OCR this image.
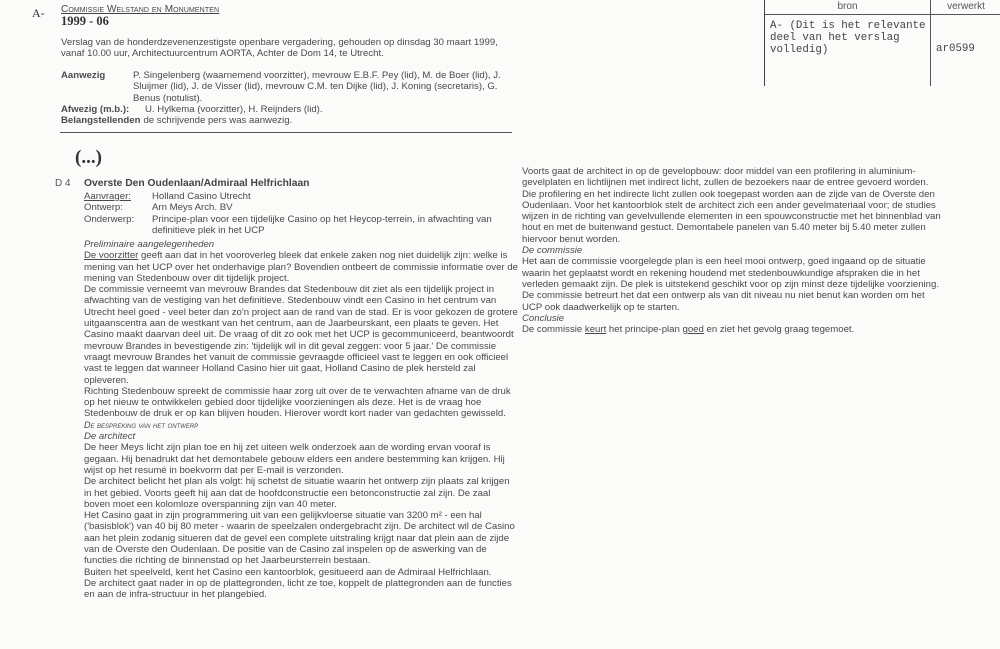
A- Commissie Welstand en Monumenten
1999 - 06

Verslag van de honderdzevenenzestigste openbare vergadering, gehouden op dinsdag 30 maart 1999, vanaf 10.00 uur, Architectuurcentrum AORTA, Achter de Dom 14, te Utrecht.

Aanwezig	P. Singelenberg (waarnemend voorzitter), mevrouw E.B.F. Pey (lid), M. de Boer (lid), J. Sluijmer (lid), J. de Visser (lid), mevrouw C.M. ten Dijke (lid), J. Koning (secretaris), G. Benus (notulist).
Afwezig (m.b.):	U. Hylkema (voorzitter), H. Reijnders (lid).
Belangstellenden de schrijvende pers was aanwezig.
bron	verwerkt
A- (Dit is het relevante deel van het verslag volledig)	ar0599
(...)
D 4 Overste Den Oudenlaan/Admiraal Helfrichlaan
Aanvrager:	Holland Casino Utrecht
Ontwerp:	Arn Meys Arch. BV
Onderwerp:	Principe-plan voor een tijdelijke Casino op het Heycop-terrein, in afwachting van definitieve plek in het UCP

Preliminaire aangelegenheden

De voorzitter geeft aan dat in het vooroverleg bleek dat enkele zaken nog niet duidelijk zijn: welke is mening van het UCP over het onderhavige plan? Bovendien ontbeert de commissie informatie over de mening van Stedenbouw over dit tijdelijk project.

De commissie verneemt van mevrouw Brandes dat Stedenbouw dit ziet als een tijdelijk project in afwachting van de vestiging van het definitieve. Stedenbouw vindt een Casino in het centrum van Utrecht heel goed - veel beter dan zo'n project aan de rand van de stad. Er is voor gekozen de grotere uitgaanscentra aan de westkant van het centrum, aan de Jaarbeurskant, een plaats te geven. Het Casino maakt daarvan deel uit. De vraag of dit zo ook met het UCP is gecommuniceerd, beantwoordt mevrouw Brandes in bevestigende zin: 'tijdelijk wil in dit geval zeggen: voor 5 jaar.' De commissie vraagt mevrouw Brandes het vanuit de commissie gevraagde officieel vast te leggen en ook officieel vast te leggen dat wanneer Holland Casino hier uit gaat, Holland Casino de plek hersteld zal opleveren.

Richting Stedenbouw spreekt de commissie haar zorg uit over de te verwachten afname van de druk op het nieuw te ontwikkelen gebied door tijdelijke voorzieningen als deze. Het is de vraag hoe Stedenbouw de druk er op kan blijven houden. Hierover wordt kort nader van gedachten gewisseld.

De bespreking van het ontwerp

De architect

De heer Meys licht zijn plan toe en hij zet uiteen welk onderzoek aan de wording ervan vooraf is gegaan. Hij benadrukt dat het demontabele gebouw elders een andere bestemming kan krijgen. Hij wijst op het resumé in boekvorm dat per E-mail is verzonden.

De architect belicht het plan als volgt: hij schetst de situatie waarin het ontwerp zijn plaats zal krijgen in het gebied. Voorts geeft hij aan dat de hoofdconstructie een betonconstructie zal zijn. De zaal boven moet een kolomloze overspanning zijn van 40 meter.

Het Casino gaat in zijn programmering uit van een gelijkvloerse situatie van 3200 m² - een hal ('basisblok') van 40 bij 80 meter - waarin de speelzalen ondergebracht zijn. De architect wil de Casino aan het plein zodanig situeren dat de gevel een complete uitstraling krijgt naar dat plein aan de zijde van de Overste den Oudenlaan. De positie van de Casino zal inspelen op de aswerking van de functies die richting de binnenstad op het Jaarbeursterrein bestaan.

Buiten het speelveld, kent het Casino een kantoorblok, gesitueerd aan de Admiraal Helfrichlaan.

De architect gaat nader in op de plattegronden, licht ze toe, koppelt de plattegronden aan de functies en aan de infra-structuur in het plangebied.

Voorts gaat de architect in op de gevelopbouw: door middel van een profilering in aluminium-gevelplaten en lichtlijnen met indirect licht, zullen de bezoekers naar de entree gevoerd worden. Die profilering en het indirecte licht zullen ook toegepast worden aan de zijde van de Overste den Oudenlaan. Voor het kantoorblok stelt de architect zich een ander gevelmateriaal voor; de studies wijzen in de richting van gevelvullende elementen in een spouwconstructie met het binnenblad van hout en met de buitenwand gestuct. Demontabele panelen van 5.40 meter bij 5.40 meter zullen hiervoor benut worden.

De commissie

Het aan de commissie voorgelegde plan is een heel mooi ontwerp, goed ingaand op de situatie waarin het geplaatst wordt en rekening houdend met stedenbouwkundige afspraken die in het verleden gemaakt zijn. De plek is uitstekend geschikt voor op zijn minst deze tijdelijke voorziening.

De commissie betreurt het dat een ontwerp als van dit niveau nu niet benut kan worden om het UCP ook daadwerkelijk op te starten.

Conclusie

De commissie keurt het principe-plan goed en ziet het gevolg graag tegemoet.
